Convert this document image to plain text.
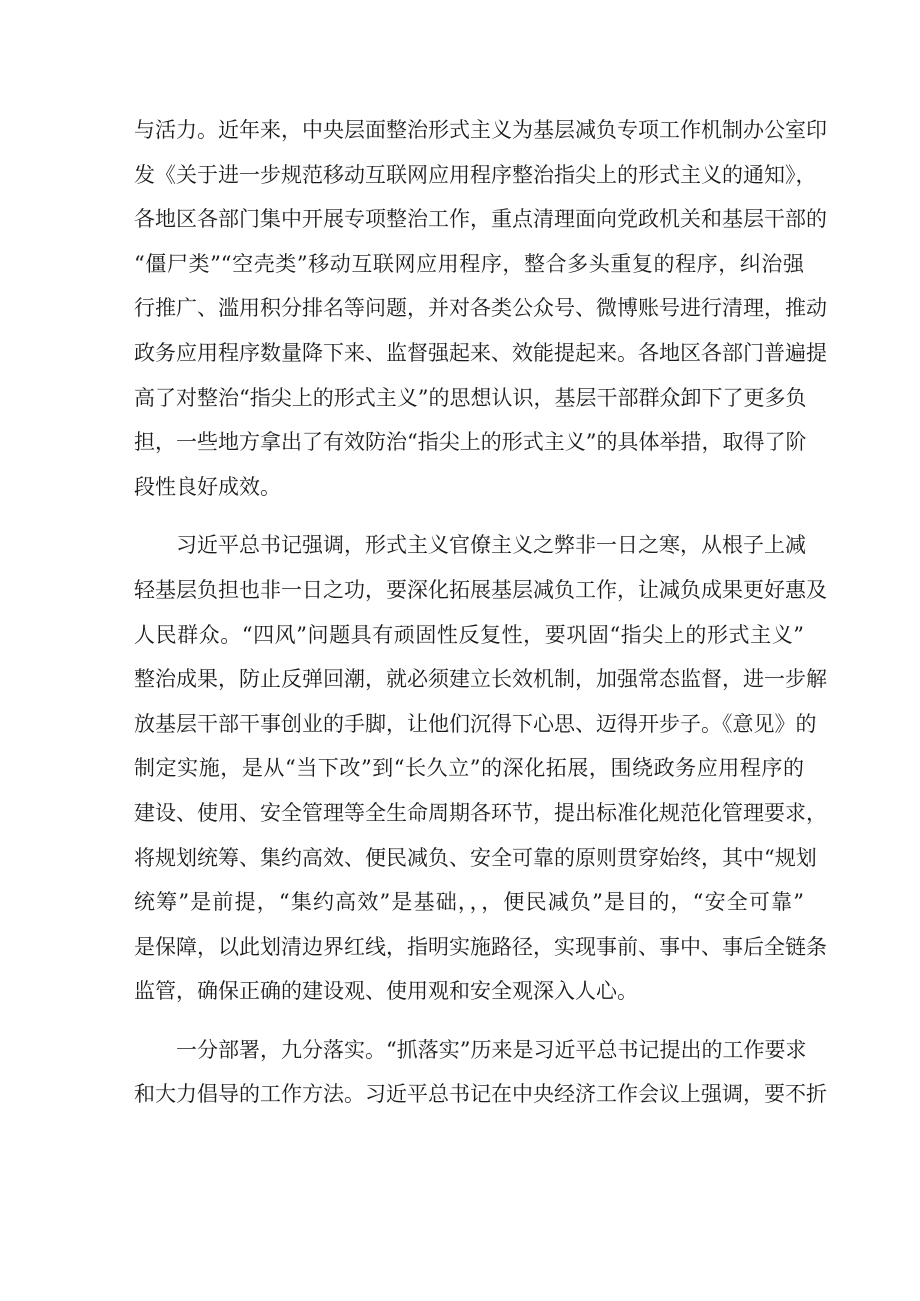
与活力。近年来，中央层面整治形式主义为基层减负专项工作机制办公室印
发《关于进一步规范移动互联网应用程序整治指尖上的形式主义的通知》，
各地区各部门集中开展专项整治工作，重点清理面向党政机关和基层干部的
“僵尸类”“空壳类”移动互联网应用程序，整合多头重复的程序，纠治强
行推广、滥用积分排名等问题，并对各类公众号、微博账号进行清理，推动
政务应用程序数量降下来、监督强起来、效能提起来。各地区各部门普遍提
高了对整治“指尖上的形式主义”的思想认识，基层干部群众卸下了更多负
担，一些地方拿出了有效防治“指尖上的形式主义”的具体举措，取得了阶
段性良好成效。
习近平总书记强调，形式主义官僚主义之弊非一日之寒，从根子上减
轻基层负担也非一日之功，要深化拓展基层减负工作，让减负成果更好惠及
人民群众。“四风”问题具有顽固性反复性，要巩固“指尖上的形式主义”
整治成果，防止反弹回潮，就必须建立长效机制，加强常态监督，进一步解
放基层干部干事创业的手脚，让他们沉得下心思、迈得开步子。《意见》的
制定实施，是从“当下改”到“长久立”的深化拓展，围绕政务应用程序的
建设、使用、安全管理等全生命周期各环节，提出标准化规范化管理要求，
将规划统筹、集约高效、便民减负、安全可靠的原则贯穿始终，其中“规划
统筹”是前提，“集约高效”是基础，，，便民减负”是目的，“安全可靠”
是保障，以此划清边界红线，指明实施路径，实现事前、事中、事后全链条
监管，确保正确的建设观、使用观和安全观深入人心。
一分部署，九分落实。“抓落实”历来是习近平总书记提出的工作要求
和大力倡导的工作方法。习近平总书记在中央经济工作会议上强调，要不折
